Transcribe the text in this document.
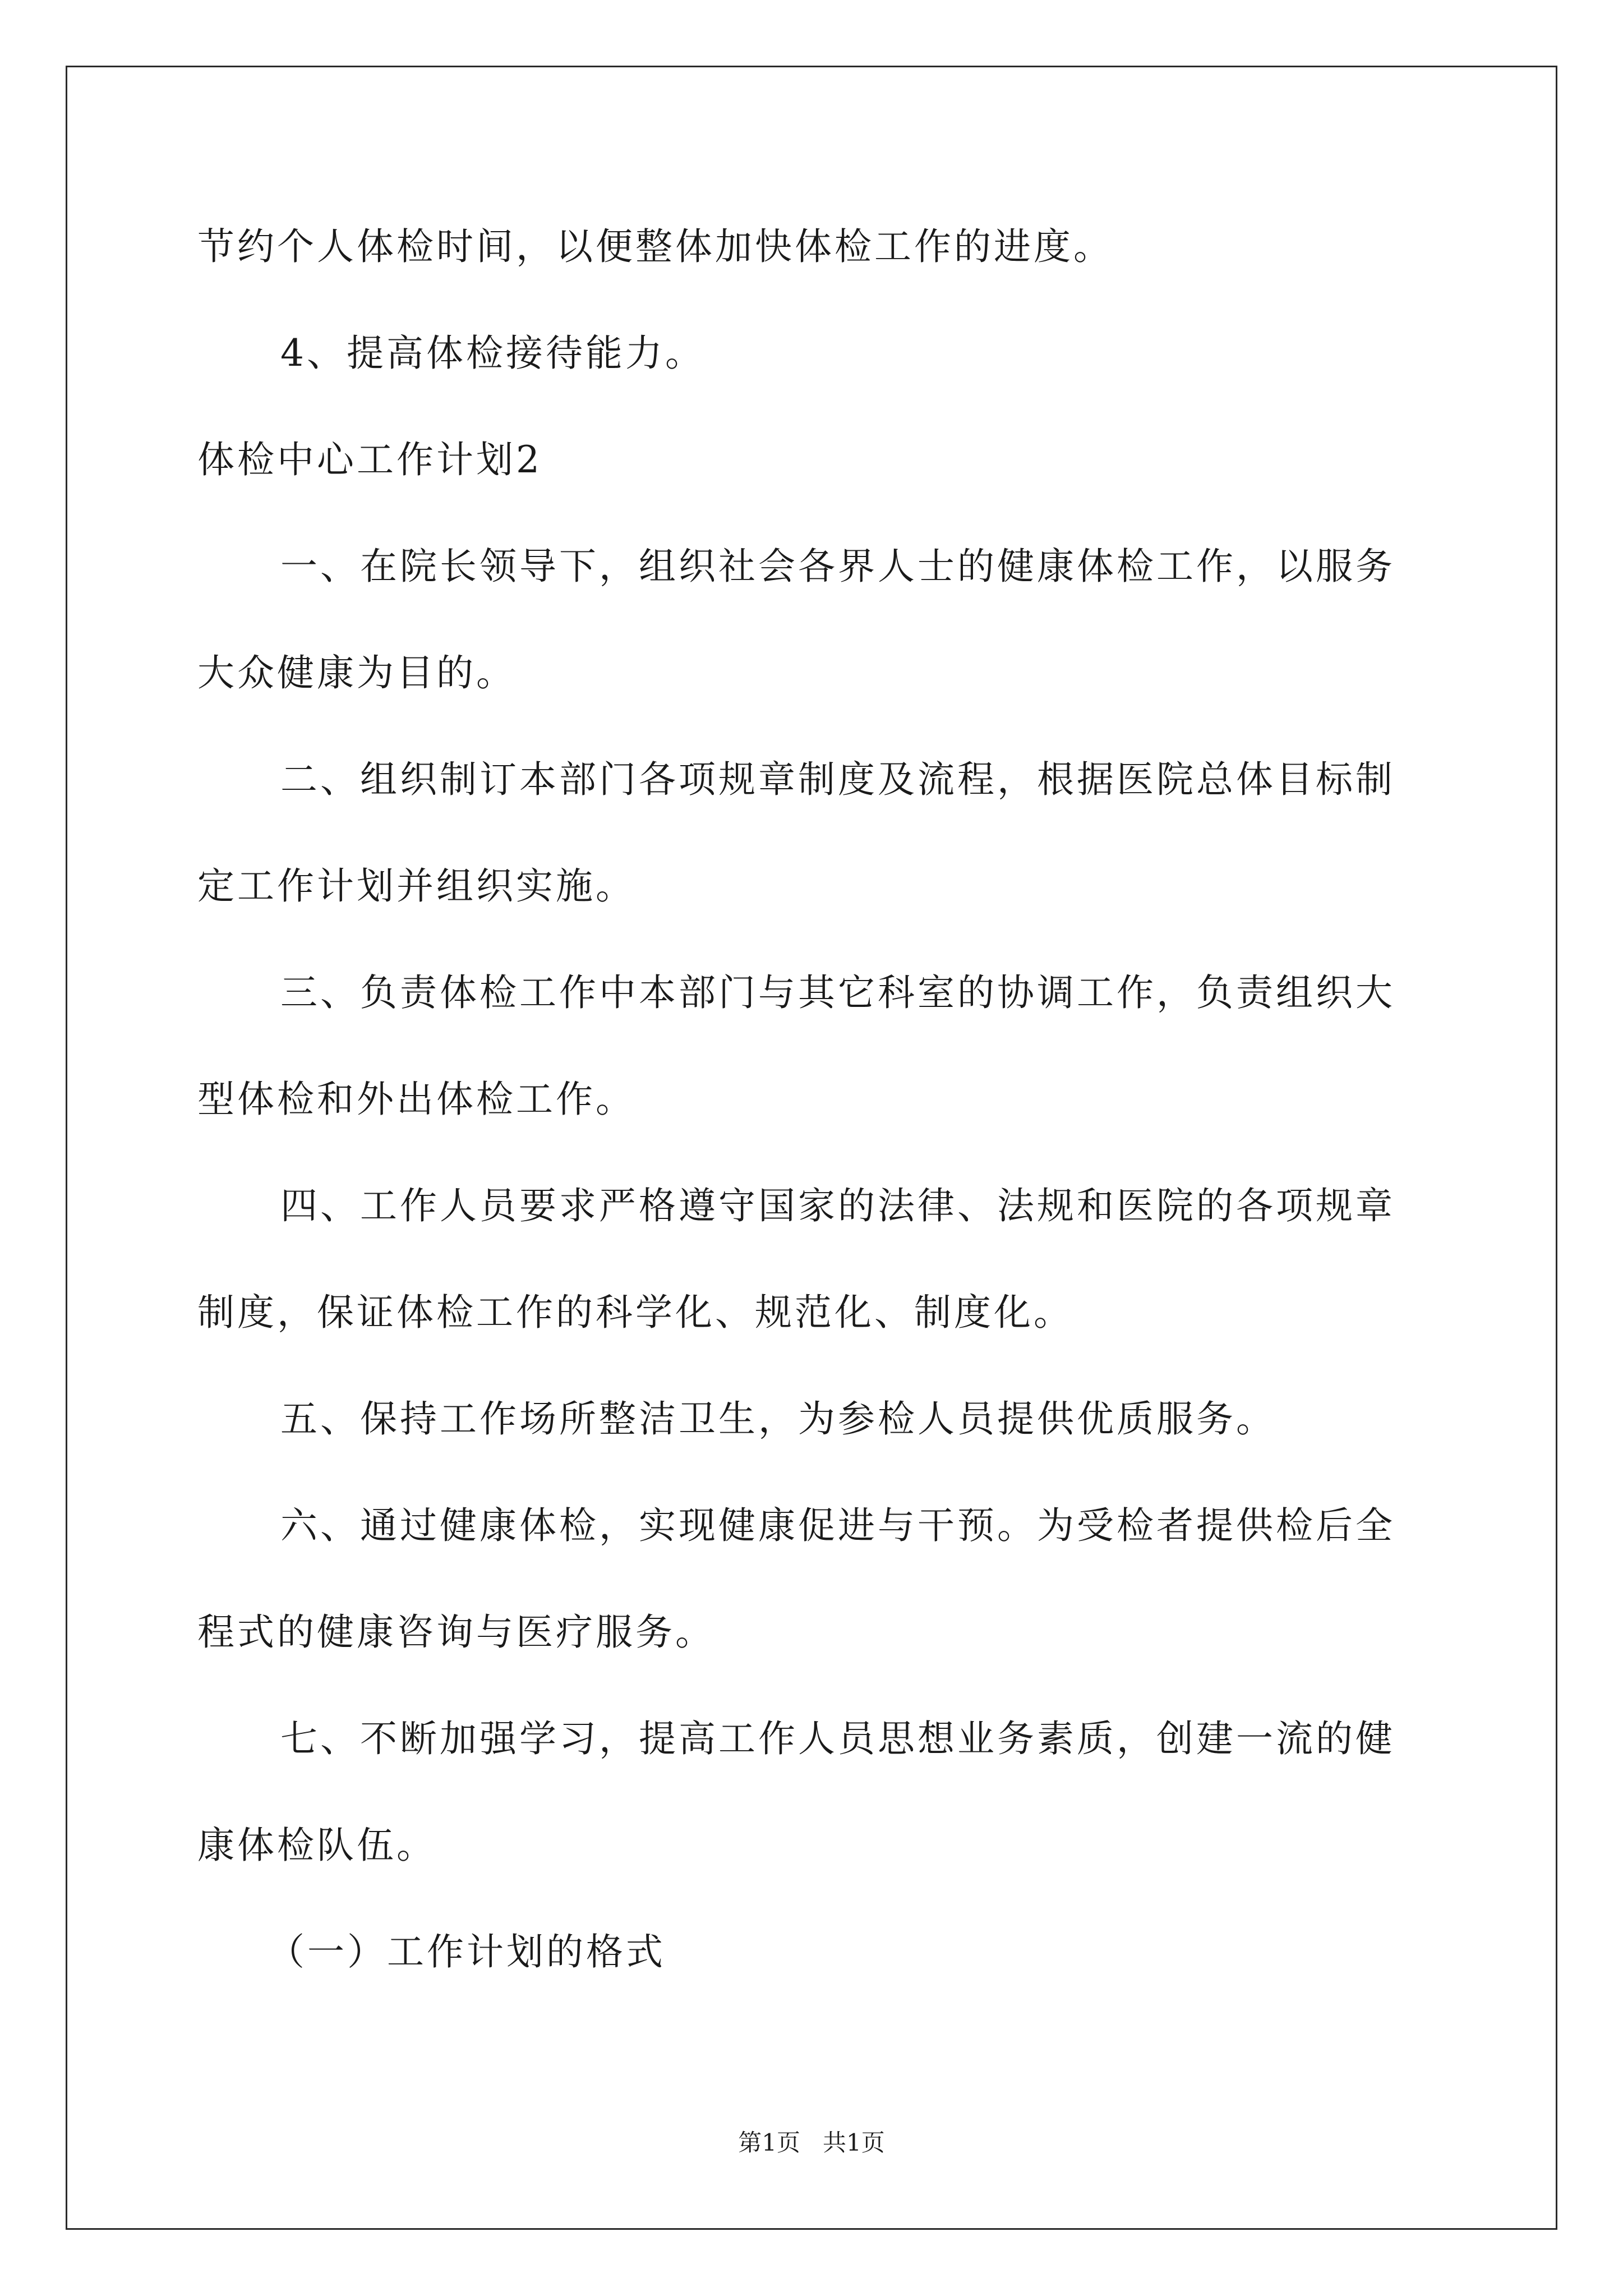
节约个人体检时间，以便整体加快体检工作的进度。
4、提高体检接待能力。
体检中心工作计划2
一、在院长领导下，组织社会各界人士的健康体检工作，以服务
大众健康为目的。
二、组织制订本部门各项规章制度及流程，根据医院总体目标制
定工作计划并组织实施。
三、负责体检工作中本部门与其它科室的协调工作，负责组织大
型体检和外出体检工作。
四、工作人员要求严格遵守国家的法律、法规和医院的各项规章
制度，保证体检工作的科学化、规范化、制度化。
五、保持工作场所整洁卫生，为参检人员提供优质服务。
六、通过健康体检，实现健康促进与干预。为受检者提供检后全
程式的健康咨询与医疗服务。
七、不断加强学习，提高工作人员思想业务素质，创建一流的健
康体检队伍。
（一）工作计划的格式
第1页 共1页
